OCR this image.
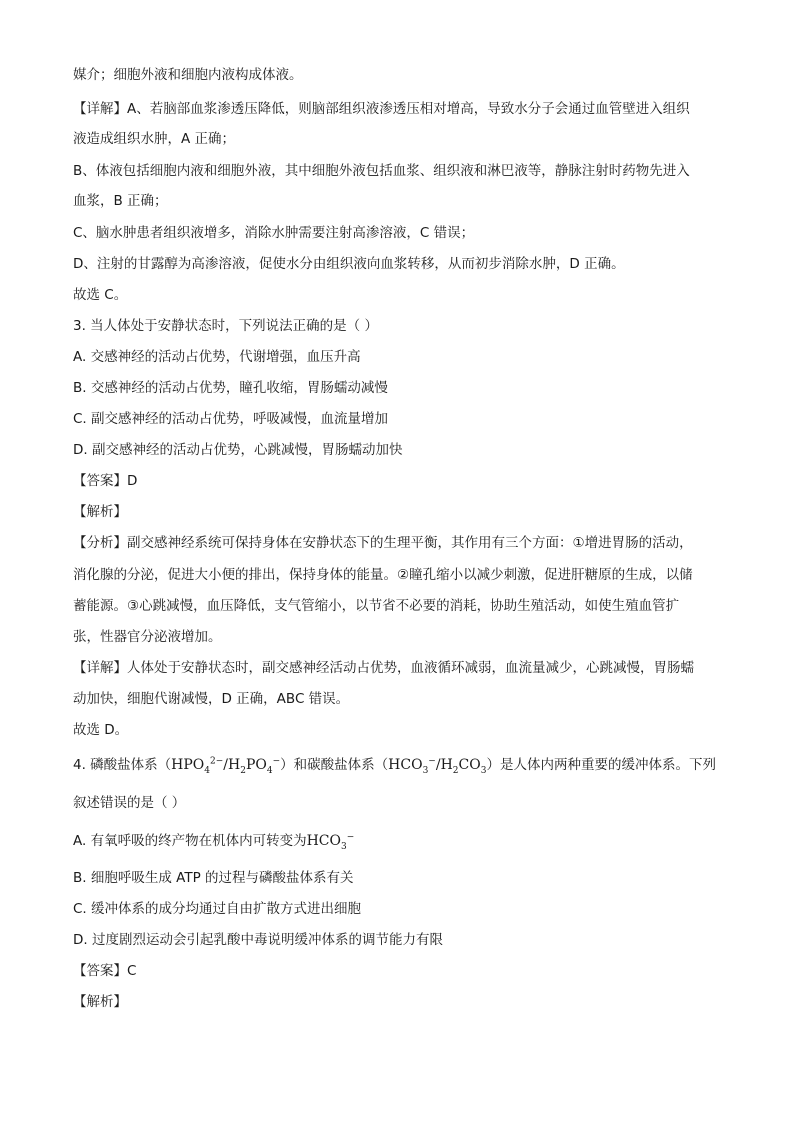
媒介；细胞外液和细胞内液构成体液。
【详解】A、若脑部血浆渗透压降低，则脑部组织液渗透压相对增高，导致水分子会通过血管壁进入组织
液造成组织水肿，A 正确；
B、体液包括细胞内液和细胞外液，其中细胞外液包括血浆、组织液和淋巴液等，静脉注射时药物先进入
血浆，B 正确；
C、脑水肿患者组织液增多，消除水肿需要注射高渗溶液，C 错误；
D、注射的甘露醇为高渗溶液，促使水分由组织液向血浆转移，从而初步消除水肿，D 正确。
故选 C。
3. 当人体处于安静状态时，下列说法正确的是（ ）
A. 交感神经的活动占优势，代谢增强，血压升高
B. 交感神经的活动占优势，瞳孔收缩，胃肠蠕动减慢
C. 副交感神经的活动占优势，呼吸减慢，血流量增加
D. 副交感神经的活动占优势，心跳减慢，胃肠蠕动加快
【答案】D
【解析】
【分析】副交感神经系统可保持身体在安静状态下的生理平衡，其作用有三个方面：①增进胃肠的活动，
消化腺的分泌，促进大小便的排出，保持身体的能量。②瞳孔缩小以减少刺激，促进肝糖原的生成，以储
蓄能源。③心跳减慢，血压降低，支气管缩小，以节省不必要的消耗，协助生殖活动，如使生殖血管扩
张，性器官分泌液增加。
【详解】人体处于安静状态时，副交感神经活动占优势，血液循环减弱，血流量减少，心跳减慢，胃肠蠕
动加快，细胞代谢减慢，D 正确，ABC 错误。
故选 D。
4. 磷酸盐体系$(HPO_4^{2-}/H_2PO_4^-)$和碳酸盐体系$(HCO_3^-/H_2CO_3)$是人体内两种重要的缓冲体系。下列
叙述错误的是（ ）
A. 有氧呼吸的终产物在机体内可转变为$HCO_3^-$
B. 细胞呼吸生成 ATP 的过程与磷酸盐体系有关
C. 缓冲体系的成分均通过自由扩散方式进出细胞
D. 过度剧烈运动会引起乳酸中毒说明缓冲体系的调节能力有限
【答案】C
【解析】
